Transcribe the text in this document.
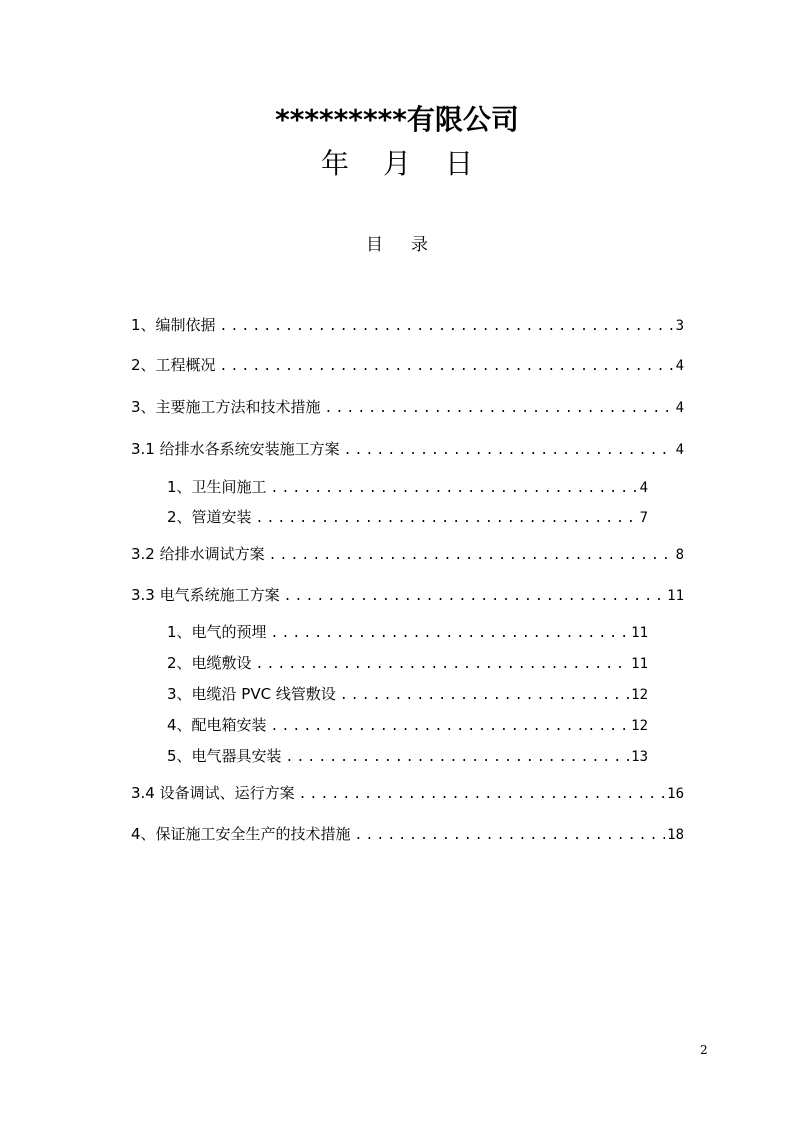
*********有限公司
年 月 日
目 录
1、编制依据 .....	3
2、工程概况 .....	4
3、主要施工方法和技术措施 .....	4
3.1 给排水各系统安装施工方案 .....	4
1、卫生间施工 .....	4
2、管道安装 .....	7
3.2 给排水调试方案 .....	8
3.3 电气系统施工方案 .....	11
1、电气的预埋 .....	11
2、电缆敷设 .....	11
3、电缆沿 PVC 线管敷设 .....	12
4、配电箱安装 .....	12
5、电气器具安装 .....	13
3.4 设备调试、运行方案 .....	16
4、保证施工安全生产的技术措施 .....	18
2
